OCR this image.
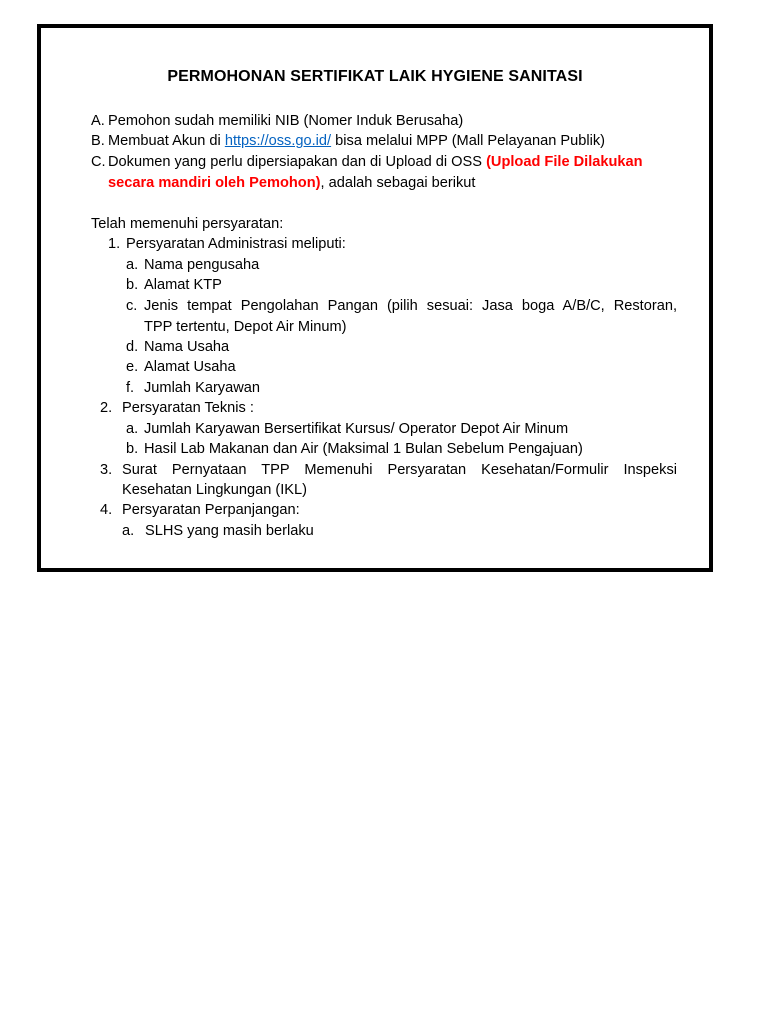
PERMOHONAN SERTIFIKAT LAIK HYGIENE SANITASI
A. Pemohon sudah memiliki NIB (Nomer Induk Berusaha)
B. Membuat Akun di https://oss.go.id/ bisa melalui MPP (Mall Pelayanan Publik)
C. Dokumen yang perlu dipersiapakan dan di Upload di OSS (Upload File Dilakukan
secara mandiri oleh Pemohon), adalah sebagai berikut
Telah memenuhi persyaratan:
1. Persyaratan Administrasi meliputi:
a. Nama pengusaha
b. Alamat KTP
c. Jenis tempat Pengolahan Pangan (pilih sesuai: Jasa boga A/B/C, Restoran,
TPP tertentu, Depot Air Minum)
d. Nama Usaha
e. Alamat Usaha
f. Jumlah Karyawan
2. Persyaratan Teknis :
a. Jumlah Karyawan Bersertifikat Kursus/ Operator Depot Air Minum
b. Hasil Lab Makanan dan Air (Maksimal 1 Bulan Sebelum Pengajuan)
3. Surat Pernyataan TPP Memenuhi Persyaratan Kesehatan/Formulir Inspeksi
Kesehatan Lingkungan (IKL)
4. Persyaratan Perpanjangan:
a. SLHS yang masih berlaku
